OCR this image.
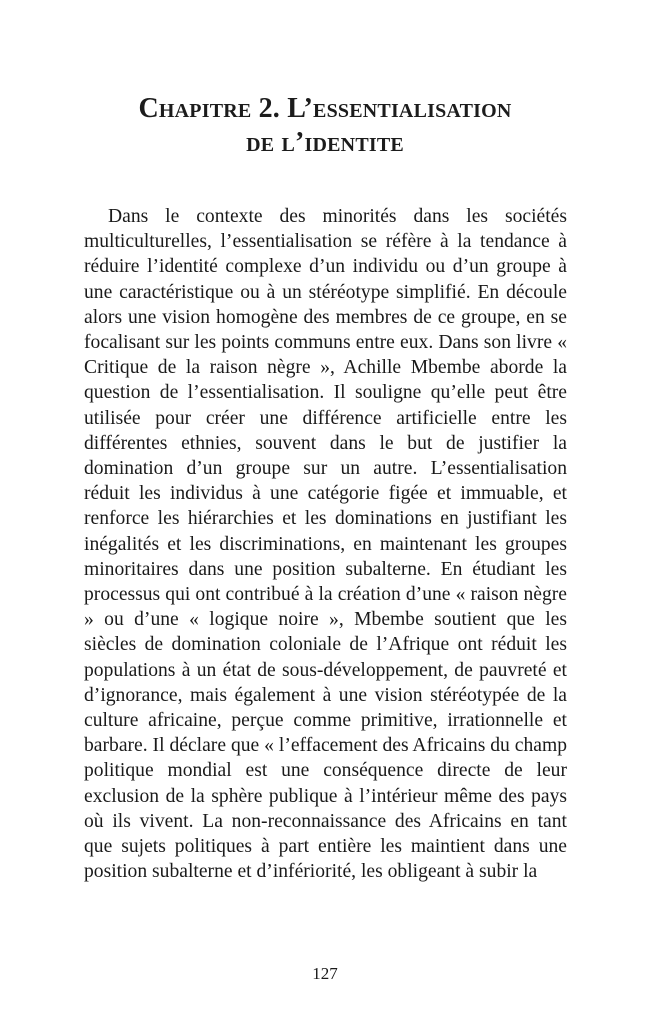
Chapitre 2. L’essentialisation
de l’identite

Dans le contexte des minorités dans les sociétés multiculturelles, l’essentialisation se réfère à la tendance à réduire l’identité complexe d’un individu ou d’un groupe à une caractéristique ou à un stéréotype simplifié. En découle alors une vision homogène des membres de ce groupe, en se focalisant sur les points communs entre eux. Dans son livre « Critique de la raison nègre », Achille Mbembe aborde la question de l’essentialisation. Il souligne qu’elle peut être utilisée pour créer une différence artificielle entre les différentes ethnies, souvent dans le but de justifier la domination d’un groupe sur un autre. L’essentialisation réduit les individus à une catégorie figée et immuable, et renforce les hiérarchies et les dominations en justifiant les inégalités et les discriminations, en maintenant les groupes minoritaires dans une position subalterne. En étudiant les processus qui ont contribué à la création d’une « raison nègre » ou d’une « logique noire », Mbembe soutient que les siècles de domination coloniale de l’Afrique ont réduit les populations à un état de sous-développement, de pauvreté et d’ignorance, mais également à une vision stéréotypée de la culture africaine, perçue comme primitive, irrationnelle et barbare. Il déclare que « l’effacement des Africains du champ politique mondial est une conséquence directe de leur exclusion de la sphère publique à l’intérieur même des pays où ils vivent. La non-reconnaissance des Africains en tant que sujets politiques à part entière les maintient dans une position subalterne et d’infériorité, les obligeant à subir la

127
